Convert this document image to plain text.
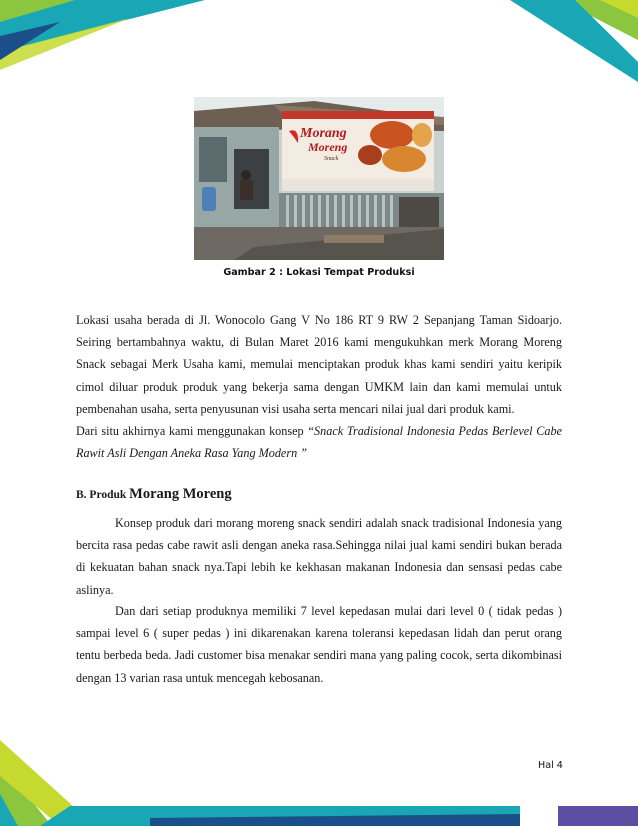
Morang
Moreng
Snack
Gambar 2 : Lokasi Tempat Produksi

Lokasi usaha berada di Jl. Wonocolo Gang V No 186 RT 9 RW 2 Sepanjang Taman Sidoarjo. Seiring bertambahnya waktu, di Bulan Maret 2016 kami mengukuhkan merk Morang Moreng Snack sebagai Merk Usaha kami, memulai menciptakan produk khas kami sendiri yaitu keripik cimol diluar produk produk yang bekerja sama dengan UMKM lain dan kami memulai untuk pembenahan usaha, serta penyusunan visi usaha serta mencari nilai jual dari produk kami.

Dari situ akhirnya kami menggunakan konsep “Snack Tradisional Indonesia Pedas Berlevel Cabe Rawit Asli Dengan Aneka Rasa Yang Modern ”

B. Produk Morang Moreng

Konsep produk dari morang moreng snack sendiri adalah snack tradisional Indonesia yang bercita rasa pedas cabe rawit asli dengan aneka rasa.Sehingga nilai jual kami sendiri bukan berada di kekuatan bahan snack nya.Tapi lebih ke kekhasan makanan Indonesia dan sensasi pedas cabe aslinya.

Dan dari setiap produknya memiliki 7 level kepedasan mulai dari level 0 ( tidak pedas ) sampai level 6 ( super pedas ) ini dikarenakan karena toleransi kepedasan lidah dan perut orang tentu berbeda beda. Jadi customer bisa menakar sendiri mana yang paling cocok, serta dikombinasi dengan 13 varian rasa untuk mencegah kebosanan.

Hal 4
